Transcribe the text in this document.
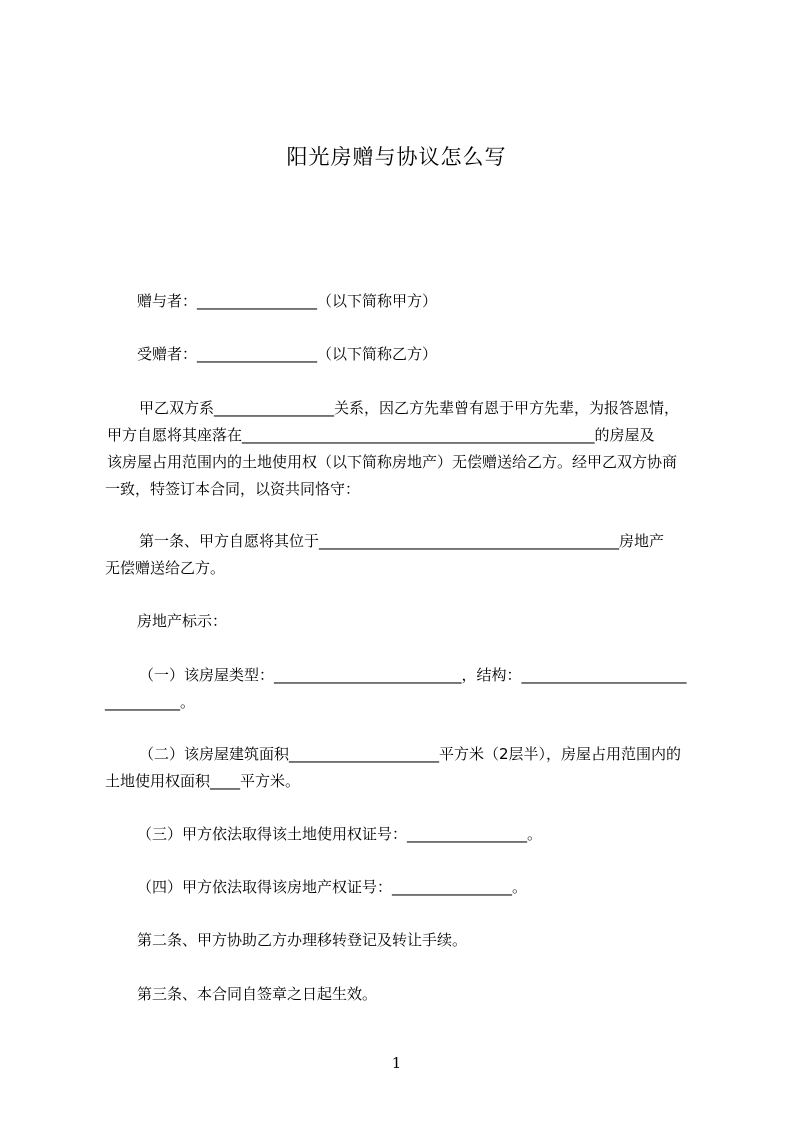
阳光房赠与协议怎么写
赠与者：________________（以下简称甲方）
受赠者：________________（以下简称乙方）
甲乙双方系________________关系，因乙方先辈曾有恩于甲方先辈，为报答恩情，
甲方自愿将其座落在_______________________________________________的房屋及
该房屋占用范围内的土地使用权（以下简称房地产）无偿赠送给乙方。经甲乙双方协商
一致，特签订本合同，以资共同恪守：
第一条、甲方自愿将其位于________________________________________房地产
无偿赠送给乙方。
房地产标示：
（一）该房屋类型：_________________________，结构：______________________
__________。
（二）该房屋建筑面积____________________平方米（2层半），房屋占用范围内的
土地使用权面积____平方米。
（三）甲方依法取得该土地使用权证号：________________。
（四）甲方依法取得该房地产权证号：________________。
第二条、甲方协助乙方办理移转登记及转让手续。
第三条、本合同自签章之日起生效。
1
